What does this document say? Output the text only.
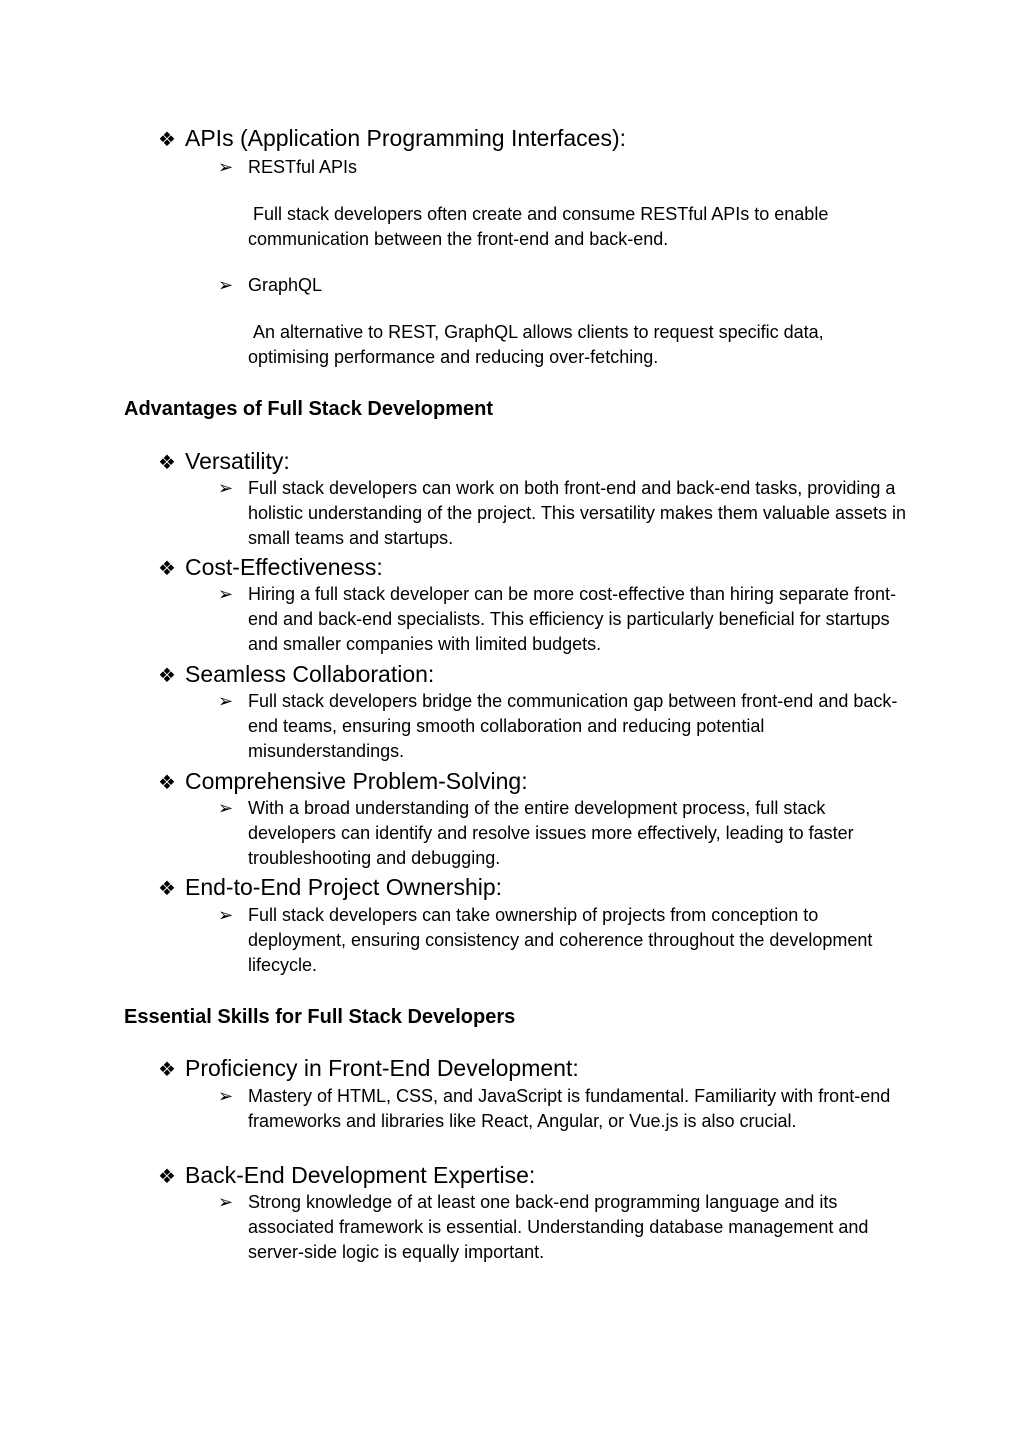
❖ APIs (Application Programming Interfaces):
➢ RESTful APIs
Full stack developers often create and consume RESTful APIs to enable communication between the front-end and back-end.
➢ GraphQL
An alternative to REST, GraphQL allows clients to request specific data, optimising performance and reducing over-fetching.
Advantages of Full Stack Development
❖ Versatility:
➢ Full stack developers can work on both front-end and back-end tasks, providing a holistic understanding of the project. This versatility makes them valuable assets in small teams and startups.
❖ Cost-Effectiveness:
➢ Hiring a full stack developer can be more cost-effective than hiring separate front-end and back-end specialists. This efficiency is particularly beneficial for startups and smaller companies with limited budgets.
❖ Seamless Collaboration:
➢ Full stack developers bridge the communication gap between front-end and back-end teams, ensuring smooth collaboration and reducing potential misunderstandings.
❖ Comprehensive Problem-Solving:
➢ With a broad understanding of the entire development process, full stack developers can identify and resolve issues more effectively, leading to faster troubleshooting and debugging.
❖ End-to-End Project Ownership:
➢ Full stack developers can take ownership of projects from conception to deployment, ensuring consistency and coherence throughout the development lifecycle.
Essential Skills for Full Stack Developers
❖ Proficiency in Front-End Development:
➢ Mastery of HTML, CSS, and JavaScript is fundamental. Familiarity with front-end frameworks and libraries like React, Angular, or Vue.js is also crucial.
❖ Back-End Development Expertise:
➢ Strong knowledge of at least one back-end programming language and its associated framework is essential. Understanding database management and server-side logic is equally important.
